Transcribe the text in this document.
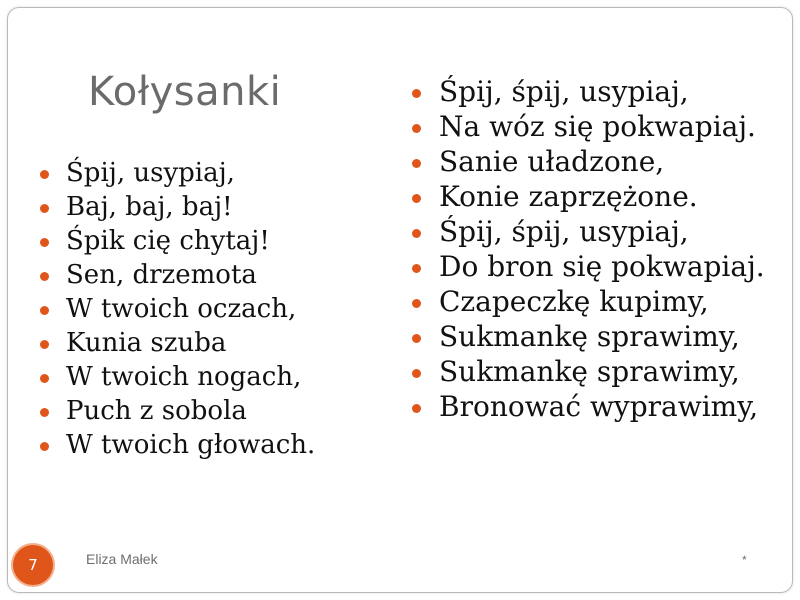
Kołysanki
Śpij, usypiaj,
Baj, baj, baj!
Śpik cię chytaj!
Sen, drzemota
W twoich oczach,
Kunia szuba
W twoich nogach,
Puch z sobola
W twoich głowach.
Śpij, śpij, usypiaj,
Na wóz się pokwapiaj.
Sanie uładzone,
Konie zaprzężone.
Śpij, śpij, usypiaj,
Do bron się pokwapiaj.
Czapeczkę kupimy,
Sukmankę sprawimy,
Sukmankę sprawimy,
Bronować wyprawimy,
7	Eliza Małek	*
